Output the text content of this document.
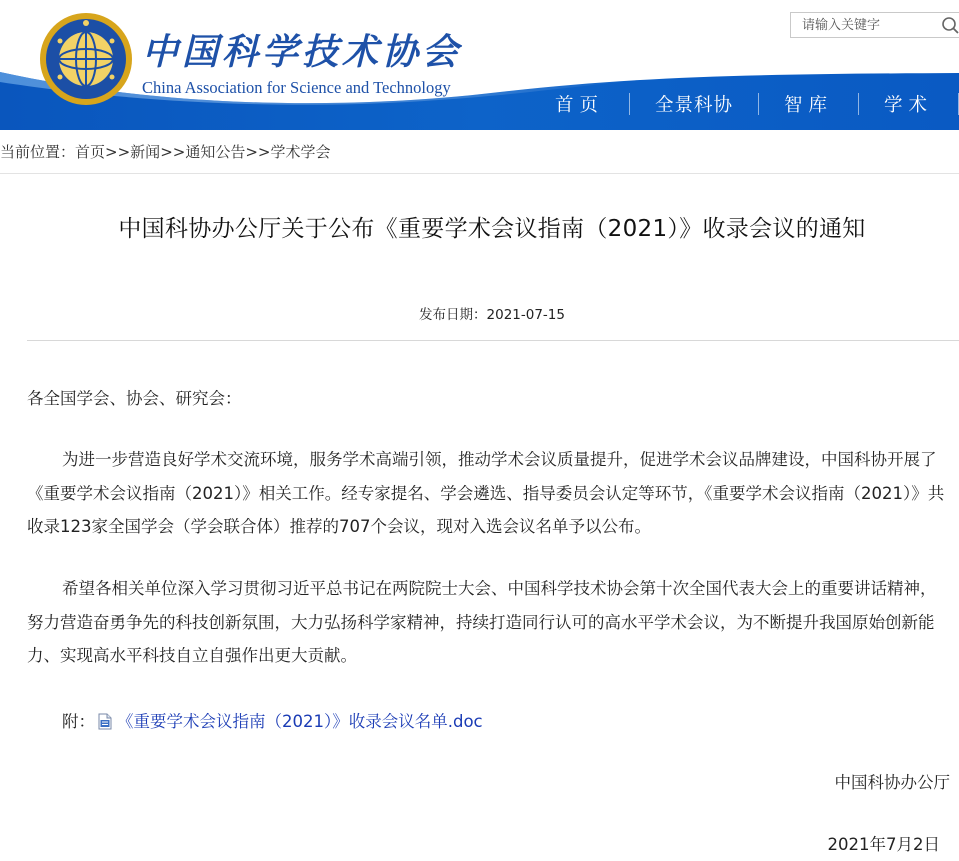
中国科学技术协会
China Association for Science and Technology
请输入关键字
首页	全景科协	智库	学术
当前位置： 首页 >> 新闻 >> 通知公告 >> 学术学会
中国科协办公厅关于公布《重要学术会议指南（2021）》收录会议的通知
发布日期：2021-07-15
各全国学会、协会、研究会：
为进一步营造良好学术交流环境，服务学术高端引领，推动学术会议质量提升，促进学术会议品牌建设，中国科协开展了《重要学术会议指南（2021）》相关工作。经专家提名、学会遴选、指导委员会认定等环节，《重要学术会议指南（2021）》共收录123家全国学会（学会联合体）推荐的707个会议，现对入选会议名单予以公布。
希望各相关单位深入学习贯彻习近平总书记在两院院士大会、中国科学技术协会第十次全国代表大会上的重要讲话精神，努力营造奋勇争先的科技创新氛围，大力弘扬科学家精神，持续打造同行认可的高水平学术会议，为不断提升我国原始创新能力、实现高水平科技自立自强作出更大贡献。
附： 《重要学术会议指南（2021）》收录会议名单.doc
中国科协办公厅
2021年7月2日
